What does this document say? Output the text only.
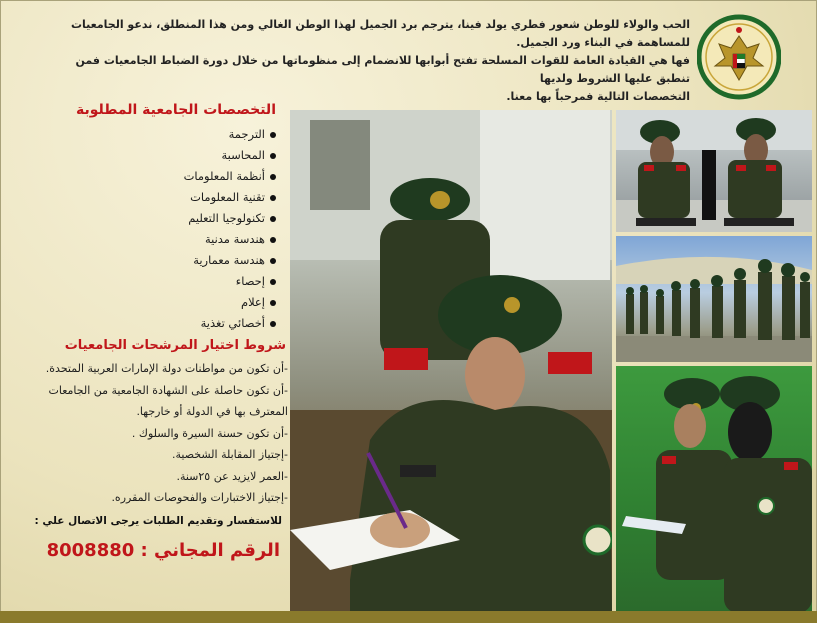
الحب والولاء للوطن شعور فطري يولد فينا، يترجم برد الجميل لهذا الوطن الغالي ومن هذا المنطلق، ندعو الجامعيات للمساهمة في البناء ورد الجميل.

فها هي القيادة العامة للقوات المسلحة تفتح أبوابها للانضمام إلى منظوماتها من خلال دورة الضباط الجامعيات فمن تنطبق عليها الشروط ولديها

التخصصات التالية فمرحباً بها معنا.

التخصصات الجامعية المطلوبة
الترجمة
المحاسبة
أنظمة المعلومات
تقنية المعلومات
تكنولوجيا التعليم
هندسة مدنية
هندسة معمارية
إحصاء
إعلام
أخصائي تغذية
شروط اختيار المرشحات الجامعيات
-أن تكون من مواطنات دولة الإمارات العربية المتحدة.
-أن تكون حاصلة على الشهادة الجامعية من الجامعات
المعترف بها في الدولة أو خارجها.
-أن تكون حسنة السيرة والسلوك .
-إجتياز المقابلة الشخصية.
-العمر لايزيد عن ٢٥سنة.
-إجتياز الاختبارات والفحوصات المقرره.
للاستفسار وتقديم الطلبات يرجى الاتصال علي :
الرقم المجاني : 8008880
